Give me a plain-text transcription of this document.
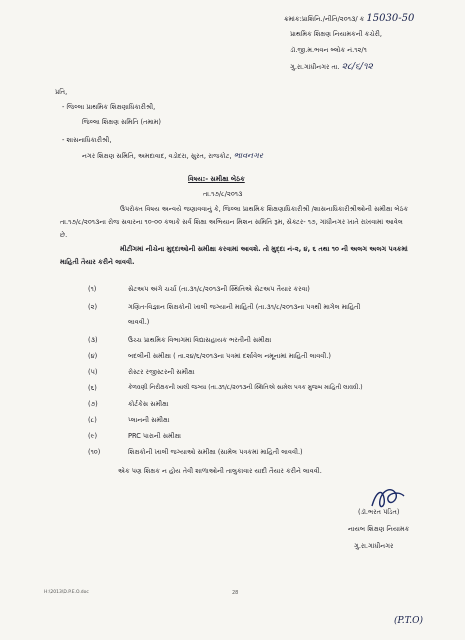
ક્રમાંક:પ્રાશિનિ./નીતિ/૨૦૧૩/ ક 15030-50
પ્રાથમિક શિક્ષણ નિયામકની કચેરી,
ડૉ.જી.મ.ભવન બ્લોક નં.૧૨/૧
ગુ.રા.ગાંધીનગર તા. ૨૮/૬/૧૨
પ્રતિ,
- જિલ્લા પ્રાથમિક શિક્ષણાધિકારીશ્રી,
જિલ્લા શિક્ષણ સમિતિ (તમામ)
- શાસનાધિકારીશ્રી,
નગર શિક્ષણ સમિતિ, અમદાવાદ, વડોદરા, સુરત, રાજકોટ, ભાવનગર
વિષય:- સમીક્ષા બેઠક
તા.૧૭/૮/૨૦૧૩
ઉપરોક્ત વિષય અન્વયે જણાવવાનું કે, જિલ્લા પ્રાથમિક શિક્ષણાધિકારીશ્રી /શાસનાધિકારીશ્રીઓની સમીક્ષા બેઠક તા.૧૭/૮/૨૦૧૩ના રોજ સવારના ૧૦-૦૦ કલાકે સર્વ શિક્ષા અભિયાન મિશન સમિતિ રૂમ, સેક્ટર- ૧૭, ગાંધીનગર ખાતે રાખવામાં આવેલ છે.
મીટીંગમાં નીચેના મુદ્દાઓની સમીક્ષા કરવામાં આવશે. તો મુદ્દા નં-૨, ૪, ૬ તથા ૧૦ ની અલગ અલગ પત્રકમાં માહિતી તૈયાર કરીને લાવવી.
(૧)	સેટઅપ અંગે ચર્ચા (તા.૩૧/૮/૨૦૧૩ની સ્થિતિએ સેટઅપ તૈયાર કરવા)
(૨)	ગણિત-વિજ્ઞાન શિક્ષકોની ખાલી જગ્યાની માહિતી (તા.૩૧/૮/૨૦૧૩ના પત્રથી માગેલ માહિતી
લાવવી.)
(૩)	ઉચ્ચ પ્રાથમિક વિભાગમાં વિદ્યાસહાયક ભરતીની સમીક્ષા
(૪)	બદલીની સમીક્ષા ( તા.૨૪/૬/૨૦૧૩ના પત્રમાં દર્શાવેલ નમૂનામાં માહિતી લાવવી.)
(૫)	રોસ્ટર રજીસ્ટરની સમીક્ષા
(૬)	કેળવણી નિરીક્ષકની ખાલી જગ્યા (તા.૩૧/૮/૨૦૧૩ની સ્થિતિએ સામેલ પત્રક મુજબ માહિતી લાવવી.)
(૭)	કોર્ટકેસ સમીક્ષા
(૮)	પ્લાનની સમીક્ષા
(૯)	PRC પારાની સમીક્ષા
(૧૦)	શિક્ષકોની ખાલી જગ્યાઓ સમીક્ષા (સામેલ પત્રકમાં માહિતી લાવવી.)
એક પણ શિક્ષક ન હોય તેવી શાળાઓની તાલુકાવાર યાદી તૈયાર કરીને લાવવી.
(ડૉ.ભરત પંડિત)
નાયબ શિક્ષણ નિયામક
ગુ.રા.ગાંધીનગર
H:\2013\D.P.E.O.doc	28
(P.T.O)
